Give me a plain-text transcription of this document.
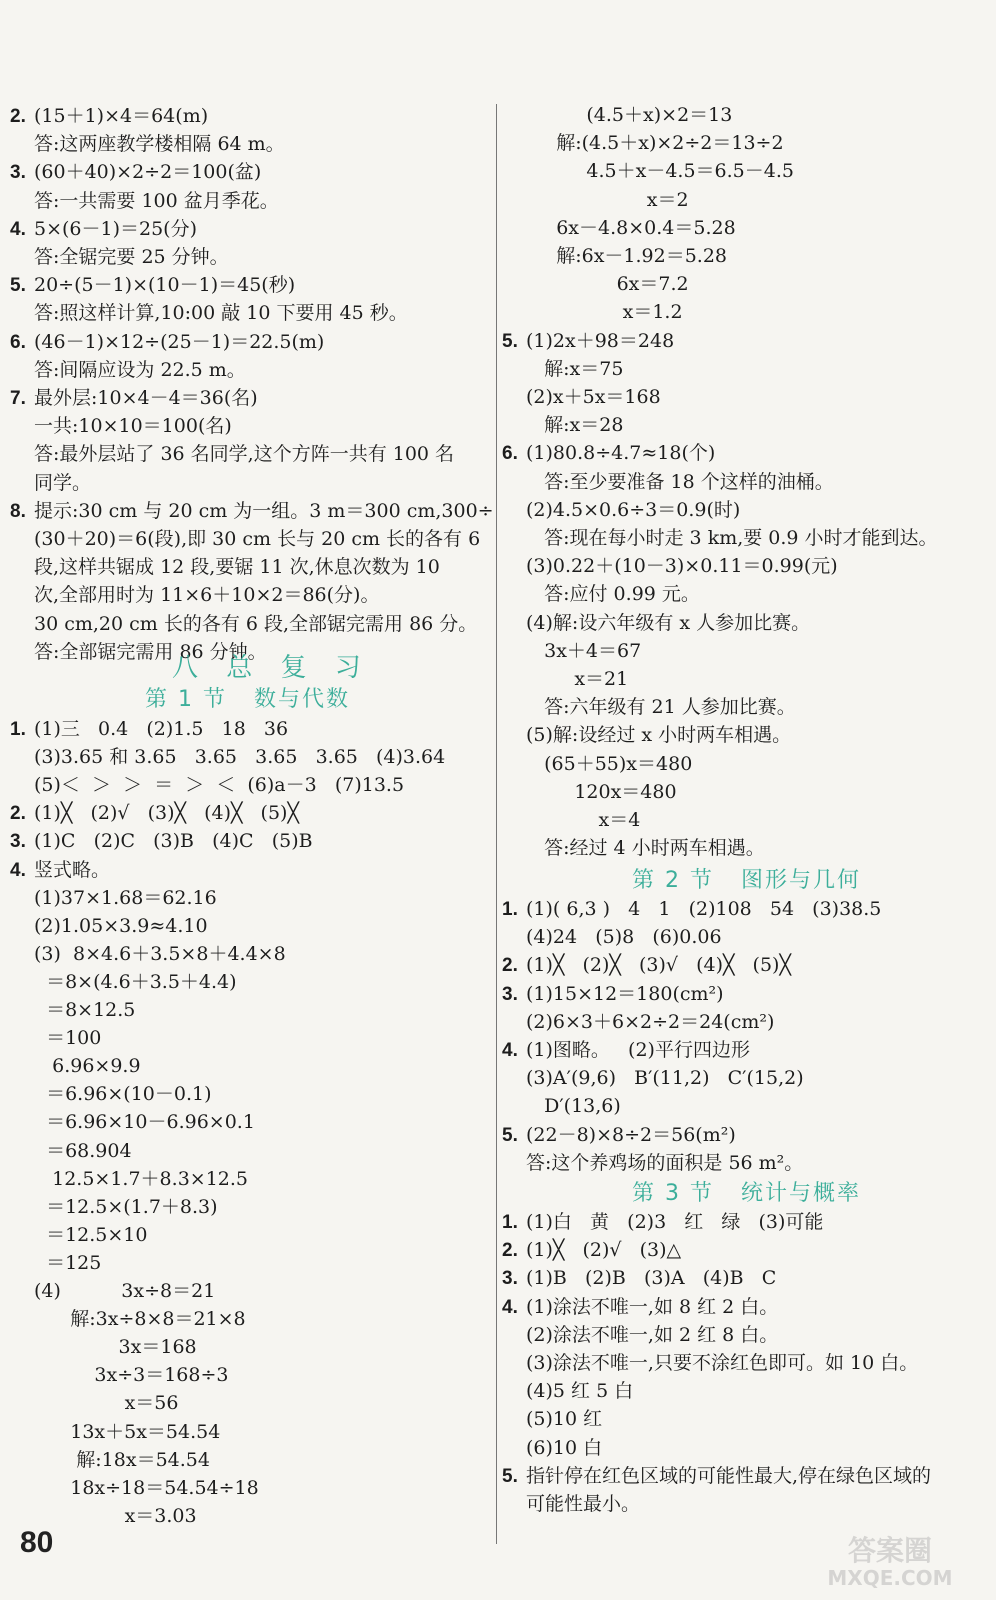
2. (15＋1)×4＝64(m)
答:这两座教学楼相隔 64 m。
3. (60＋40)×2÷2＝100(盆)
答:一共需要 100 盆月季花。
4. 5×(6－1)＝25(分)
答:全锯完要 25 分钟。
5. 20÷(5－1)×(10－1)＝45(秒)
答:照这样计算,10:00 敲 10 下要用 45 秒。
6. (46－1)×12÷(25－1)＝22.5(m)
答:间隔应设为 22.5 m。
7. 最外层:10×4－4＝36(名)
一共:10×10＝100(名)
答:最外层站了 36 名同学,这个方阵一共有 100 名
同学。
8. 提示:30 cm 与 20 cm 为一组。3 m＝300 cm,300÷
(30＋20)＝6(段),即 30 cm 长与 20 cm 长的各有 6
段,这样共锯成 12 段,要锯 11 次,休息次数为 10
次,全部用时为 11×6＋10×2＝86(分)。
30 cm,20 cm 长的各有 6 段,全部锯完需用 86 分。
答:全部锯完需用 86 分钟。
1. (1)三   0.4   (2)1.5   18   36
(3)3.65 和 3.65   3.65   3.65   3.65   (4)3.64
(5)＜  ＞  ＞  ＝  ＞  ＜  (6)a－3   (7)13.5
2. (1)╳   (2)√   (3)╳   (4)╳   (5)╳
3. (1)C   (2)C   (3)B   (4)C   (5)B
4. 竖式略。
(1)37×1.68＝62.16
(2)1.05×3.9≈4.10
(3)  8×4.6＋3.5×8＋4.4×8
＝8×(4.6＋3.5＋4.4)
＝8×12.5
＝100
6.96×9.9
＝6.96×(10－0.1)
＝6.96×10－6.96×0.1
＝68.904
12.5×1.7＋8.3×12.5
＝12.5×(1.7＋8.3)
＝12.5×10
＝125
(4)          3x÷8＝21
解:3x÷8×8＝21×8
3x＝168
3x÷3＝168÷3
x＝56
13x＋5x＝54.54
解:18x＝54.54
18x÷18＝54.54÷18
x＝3.03
(4.5＋x)×2＝13
解:(4.5＋x)×2÷2＝13÷2
4.5＋x－4.5＝6.5－4.5
x＝2
6x－4.8×0.4＝5.28
解:6x－1.92＝5.28
6x＝7.2
x＝1.2
5. (1)2x＋98＝248
解:x＝75
(2)x＋5x＝168
解:x＝28
6. (1)80.8÷4.7≈18(个)
答:至少要准备 18 个这样的油桶。
(2)4.5×0.6÷3＝0.9(时)
答:现在每小时走 3 km,要 0.9 小时才能到达。
(3)0.22＋(10－3)×0.11＝0.99(元)
答:应付 0.99 元。
(4)解:设六年级有 x 人参加比赛。
3x＋4＝67
x＝21
答:六年级有 21 人参加比赛。
(5)解:设经过 x 小时两车相遇。
(65＋55)x＝480
120x＝480
x＝4
答:经过 4 小时两车相遇。
1. (1)( 6,3 )   4   1   (2)108   54   (3)38.5
(4)24   (5)8   (6)0.06
2. (1)╳   (2)╳   (3)√   (4)╳   (5)╳
3. (1)15×12＝180(cm²)
(2)6×3＋6×2÷2＝24(cm²)
4. (1)图略。   (2)平行四边形
(3)A′(9,6)   B′(11,2)   C′(15,2)
D′(13,6)
5. (22－8)×8÷2＝56(m²)
答:这个养鸡场的面积是 56 m²。
1. (1)白   黄   (2)3   红   绿   (3)可能
2. (1)╳   (2)√   (3)△
3. (1)B   (2)B   (3)A   (4)B   C
4. (1)涂法不唯一,如 8 红 2 白。
(2)涂法不唯一,如 2 红 8 白。
(3)涂法不唯一,只要不涂红色即可。如 10 白。
(4)5 红 5 白
(5)10 红
(6)10 白
5. 指针停在红色区域的可能性最大,停在绿色区域的
可能性最小。
八 总 复 习
第 1 节   数与代数
第 2 节   图形与几何
第 3 节   统计与概率
80	答案圈
MXQE.COM
